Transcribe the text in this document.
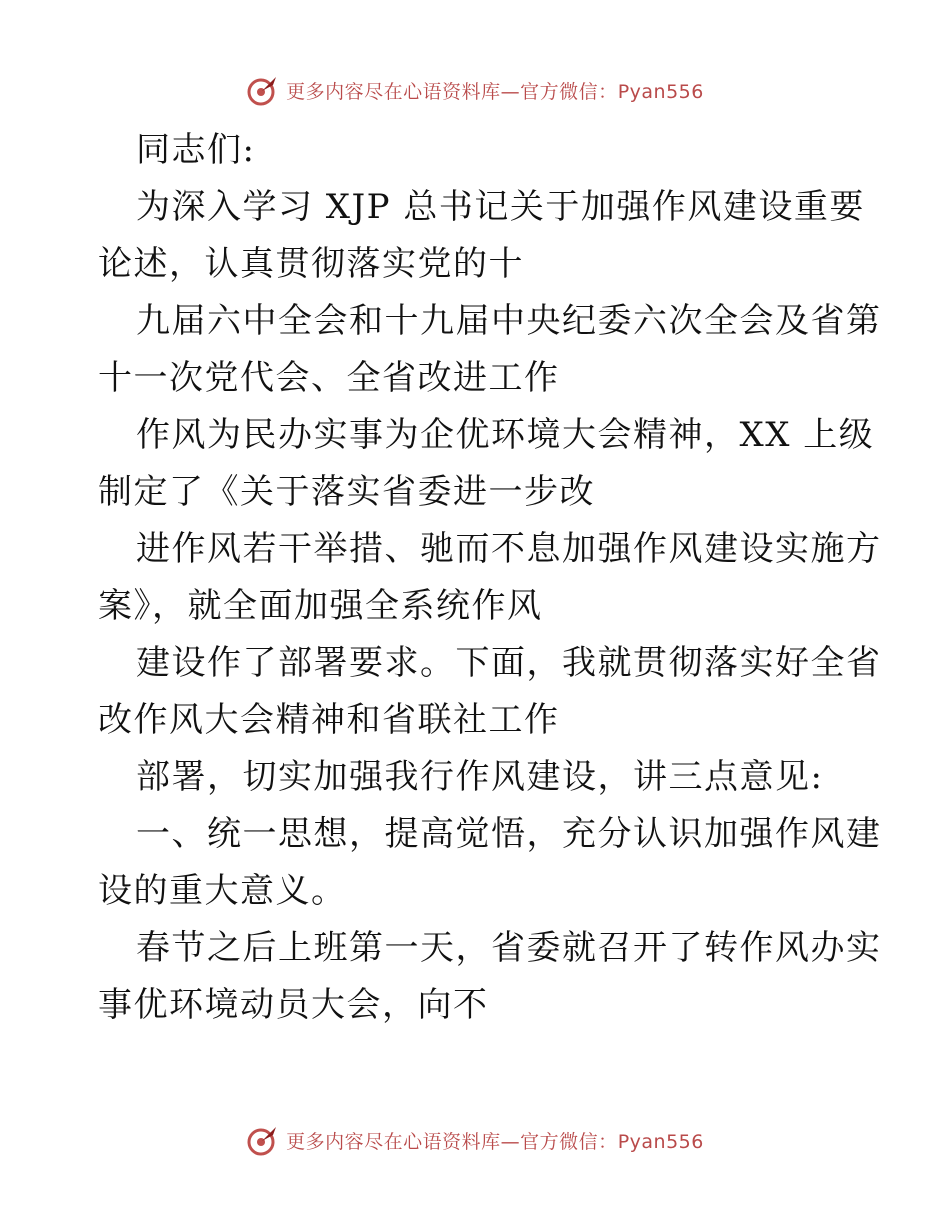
更多内容尽在心语资料库—官方微信：Pyan556
同志们:
为深入学习 XJP 总书记关于加强作风建设重要
论述，认真贯彻落实党的十
九届六中全会和十九届中央纪委六次全会及省第
十一次党代会、全省改进工作
作风为民办实事为企优环境大会精神，XX 上级
制定了《关于落实省委进一步改
进作风若干举措、驰而不息加强作风建设实施方
案》，就全面加强全系统作风
建设作了部署要求。下面，我就贯彻落实好全省
改作风大会精神和省联社工作
部署，切实加强我行作风建设，讲三点意见:
一、统一思想，提高觉悟，充分认识加强作风建
设的重大意义。
春节之后上班第一天，省委就召开了转作风办实
事优环境动员大会，向不
更多内容尽在心语资料库—官方微信：Pyan556
